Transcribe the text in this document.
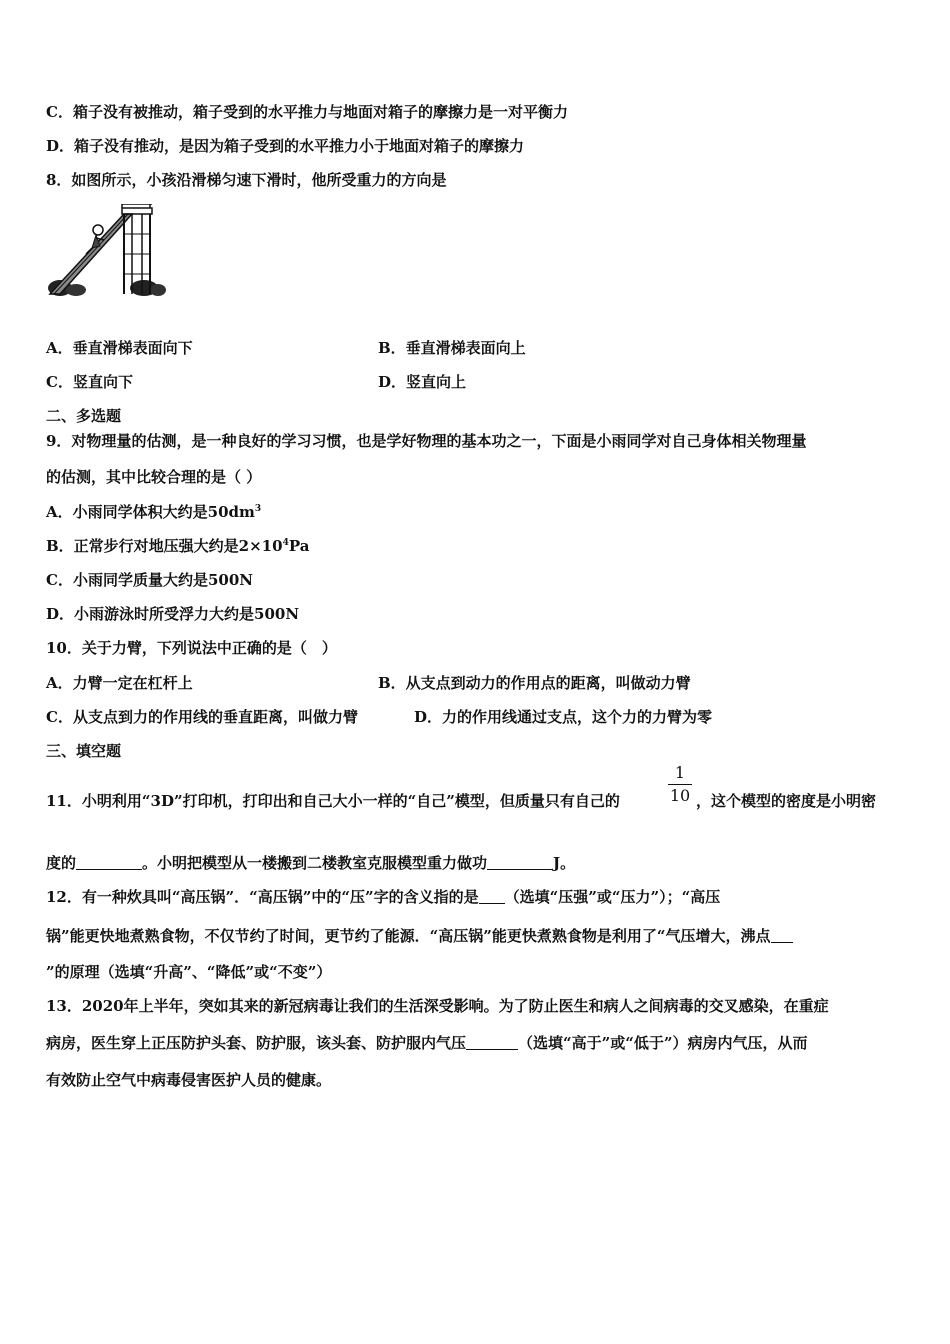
C．箱子没有被推动，箱子受到的水平推力与地面对箱子的摩擦力是一对平衡力
D．箱子没有推动，是因为箱子受到的水平推力小于地面对箱子的摩擦力
8．如图所示，小孩沿滑梯匀速下滑时，他所受重力的方向是
A．垂直滑梯表面向下	B．垂直滑梯表面向上
C．竖直向下	D．竖直向上
二、多选题
9．对物理量的估测，是一种良好的学习习惯，也是学好物理的基本功之一，下面是小雨同学对自己身体相关物理量
的估测，其中比较合理的是（ ）
A．小雨同学体积大约是$50dm^3$
B．正常步行对地压强大约是$2\times 10^4Pa$
C．小雨同学质量大约是500N
D．小雨游泳时所受浮力大约是500N
10．关于力臂，下列说法中正确的是（　）
A．力臂一定在杠杆上	B．从支点到动力的作用点的距离，叫做动力臂
C．从支点到力的作用线的垂直距离，叫做力臂	D．力的作用线通过支点，这个力的力臂为零
三、填空题
11．小明利用“3D”打印机，打印出和自己大小一样的“自己”模型，但质量只有自己的
1
10 ，这个模型的密度是小明密
度的	。小明把模型从一楼搬到二楼教室克服模型重力做功	J。
12．有一种炊具叫“高压锅”．“高压锅”中的“压”字的含义指的是 （选填“压强”或“压力”）；“高压
锅”能更快地煮熟食物，不仅节约了时间，更节约了能源．“高压锅”能更快煮熟食物是利用了“气压增大，沸点
”的原理（选填“升高”、“降低”或“不变”）
13．2020年上半年，突如其来的新冠病毒让我们的生活深受影响。为了防止医生和病人之间病毒的交叉感染，在重症
病房，医生穿上正压防护头套、防护服，该头套、防护服内气压	（选填“高于”或“低于”）病房内气压，从而
有效防止空气中病毒侵害医护人员的健康。
